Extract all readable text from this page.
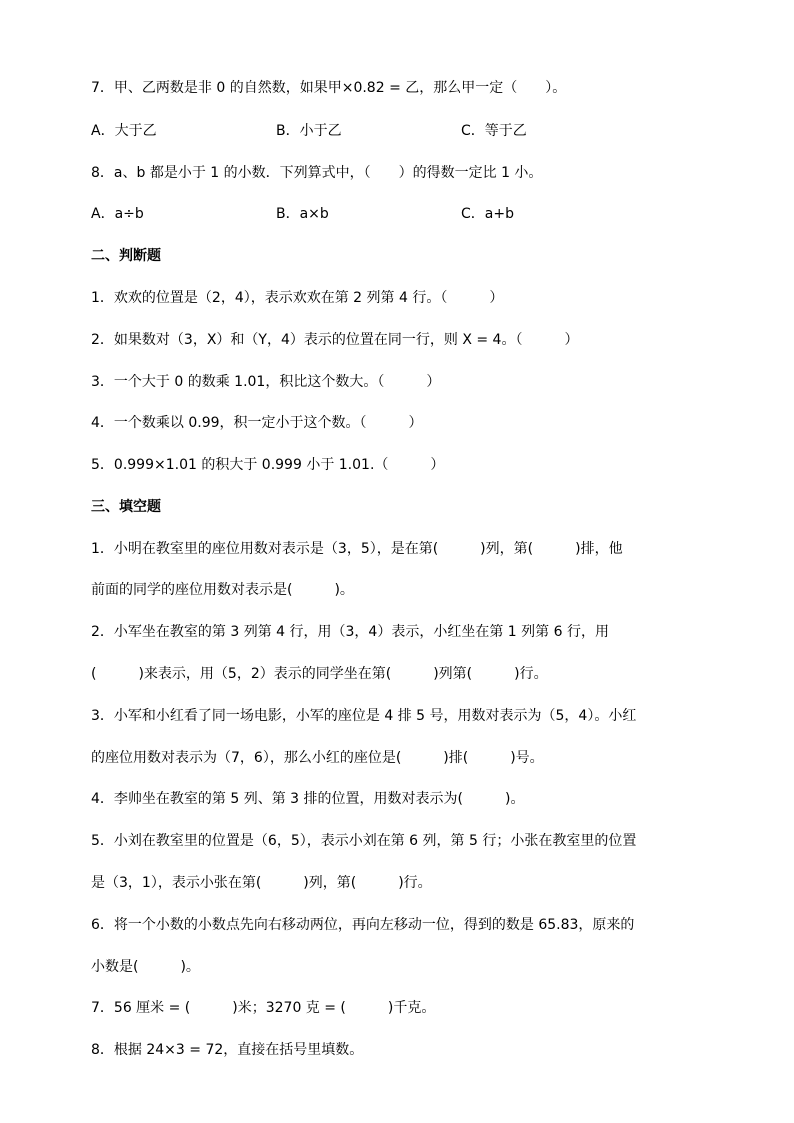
7．甲、乙两数是非 0 的自然数，如果甲×0.82 = 乙，那么甲一定（　　）。
A．大于乙	B．小于乙	C．等于乙
8．a、b 都是小于 1 的小数．下列算式中，（　　）的得数一定比 1 小。
A．a÷b	B．a×b	C．a+b
二、判断题
1．欢欢的位置是（2，4），表示欢欢在第 2 列第 4 行。（　　　）
2．如果数对（3，X）和（Y，4）表示的位置在同一行，则 X = 4。（　　　）
3．一个大于 0 的数乘 1.01，积比这个数大。（　　　）
4．一个数乘以 0.99，积一定小于这个数。（　　　）
5．0.999×1.01 的积大于 0.999 小于 1.01.（　　　）
三、填空题
1．小明在教室里的座位用数对表示是（3，5），是在第(　　　)列，第(　　　)排，他
前面的同学的座位用数对表示是(　　　)。
2．小军坐在教室的第 3 列第 4 行，用（3，4）表示，小红坐在第 1 列第 6 行，用
(　　　)来表示，用（5，2）表示的同学坐在第(　　　)列第(　　　)行。
3．小军和小红看了同一场电影，小军的座位是 4 排 5 号，用数对表示为（5，4）。小红
的座位用数对表示为（7，6），那么小红的座位是(　　　)排(　　　)号。
4．李帅坐在教室的第 5 列、第 3 排的位置，用数对表示为(　　　)。
5．小刘在教室里的位置是（6，5），表示小刘在第 6 列，第 5 行；小张在教室里的位置
是（3，1），表示小张在第(　　　)列，第(　　　)行。
6．将一个小数的小数点先向右移动两位，再向左移动一位，得到的数是 65.83，原来的
小数是(　　　)。
7．56 厘米 = (　　　)米；3270 克 = (　　　)千克。
8．根据 24×3 = 72，直接在括号里填数。
